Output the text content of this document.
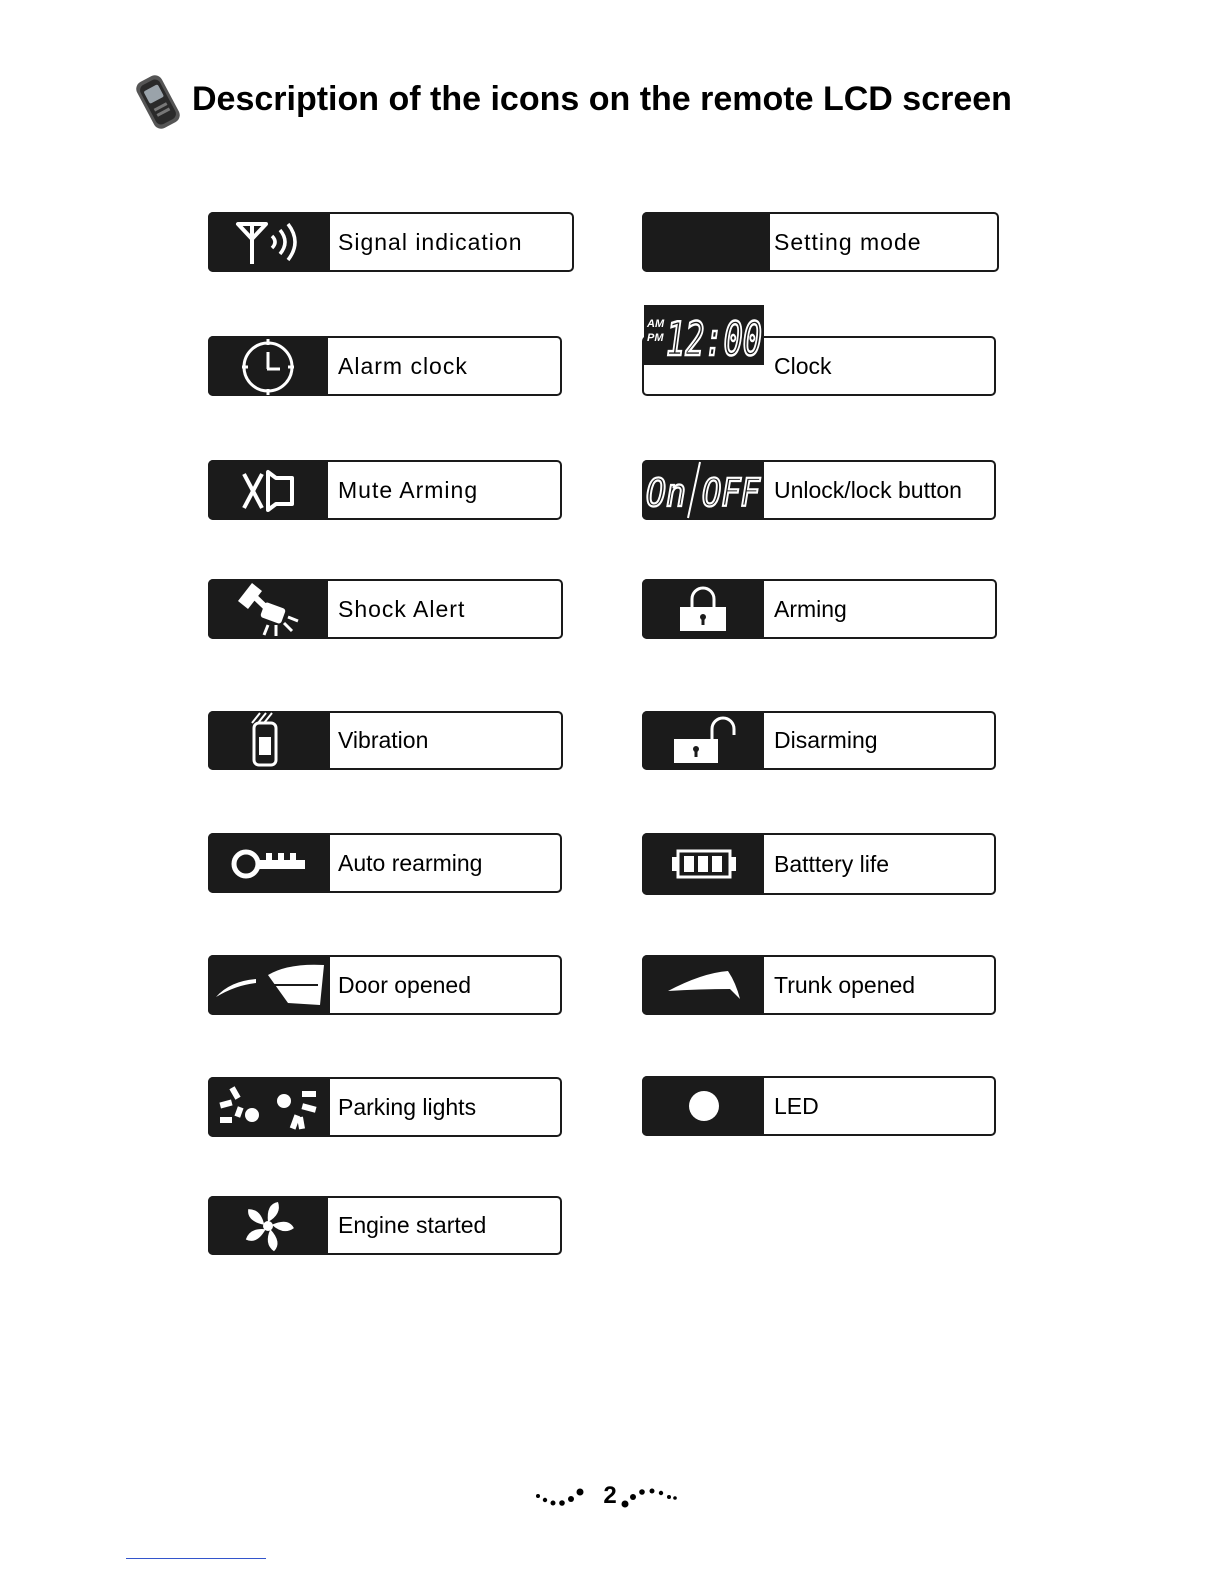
Description of the icons on the remote LCD screen
Signal indication
Alarm clock
Mute Arming
Shock Alert
Vibration
Auto rearming
Door opened
Parking lights
Engine started
Setting mode
Clock
AM
PM 12:00
On OFF Unlock/lock button
Arming
Disarming
Batttery life
Trunk opened
LED
2
